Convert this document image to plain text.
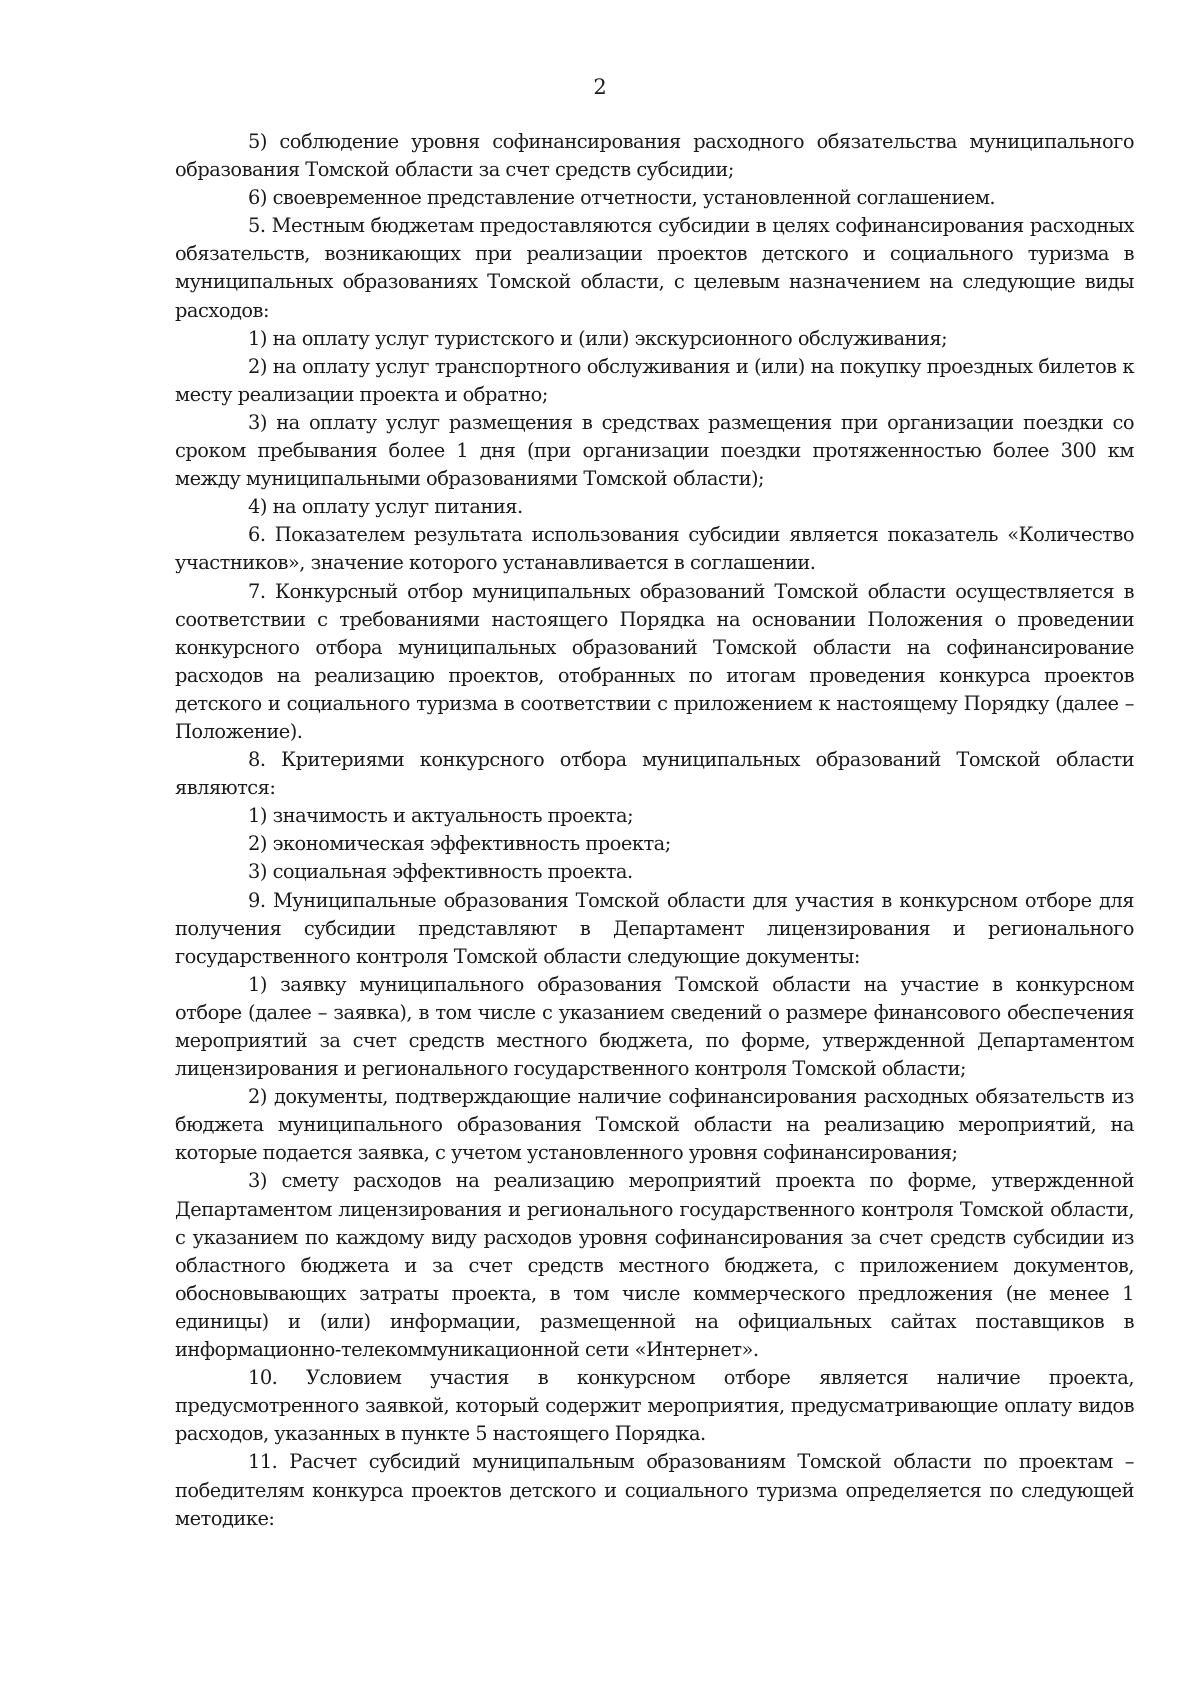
2

5) соблюдение уровня софинансирования расходного обязательства муниципального образования Томской области за счет средств субсидии;

6) своевременное представление отчетности, установленной соглашением.

5. Местным бюджетам предоставляются субсидии в целях софинансирования расходных обязательств, возникающих при реализации проектов детского и социального туризма в муниципальных образованиях Томской области, с целевым назначением на следующие виды расходов:

1) на оплату услуг туристского и (или) экскурсионного обслуживания;

2) на оплату услуг транспортного обслуживания и (или) на покупку проездных билетов к месту реализации проекта и обратно;

3) на оплату услуг размещения в средствах размещения при организации поездки со сроком пребывания более 1 дня (при организации поездки протяженностью более 300 км между муниципальными образованиями Томской области);

4) на оплату услуг питания.

6. Показателем результата использования субсидии является показатель «Количество участников», значение которого устанавливается в соглашении.

7. Конкурсный отбор муниципальных образований Томской области осуществляется в соответствии с требованиями настоящего Порядка на основании Положения о проведении конкурсного отбора муниципальных образований Томской области на софинансирование расходов на реализацию проектов, отобранных по итогам проведения конкурса проектов детского и социального туризма в соответствии с приложением к настоящему Порядку (далее – Положение).

8. Критериями конкурсного отбора муниципальных образований Томской области являются:

1) значимость и актуальность проекта;

2) экономическая эффективность проекта;

3) социальная эффективность проекта.

9. Муниципальные образования Томской области для участия в конкурсном отборе для получения субсидии представляют в Департамент лицензирования и регионального государственного контроля Томской области следующие документы:

1) заявку муниципального образования Томской области на участие в конкурсном отборе (далее – заявка), в том числе с указанием сведений о размере финансового обеспечения мероприятий за счет средств местного бюджета, по форме, утвержденной Департаментом лицензирования и регионального государственного контроля Томской области;

2) документы, подтверждающие наличие софинансирования расходных обязательств из бюджета муниципального образования Томской области на реализацию мероприятий, на которые подается заявка, с учетом установленного уровня софинансирования;

3) смету расходов на реализацию мероприятий проекта по форме, утвержденной Департаментом лицензирования и регионального государственного контроля Томской области, с указанием по каждому виду расходов уровня софинансирования за счет средств субсидии из областного бюджета и за счет средств местного бюджета, с приложением документов, обосновывающих затраты проекта, в том числе коммерческого предложения (не менее 1 единицы) и (или) информации, размещенной на официальных сайтах поставщиков в информационно-телекоммуникационной сети «Интернет».

10. Условием участия в конкурсном отборе является наличие проекта, предусмотренного заявкой, который содержит мероприятия, предусматривающие оплату видов расходов, указанных в пункте 5 настоящего Порядка.

11. Расчет субсидий муниципальным образованиям Томской области по проектам – победителям конкурса проектов детского и социального туризма определяется по следующей методике:
